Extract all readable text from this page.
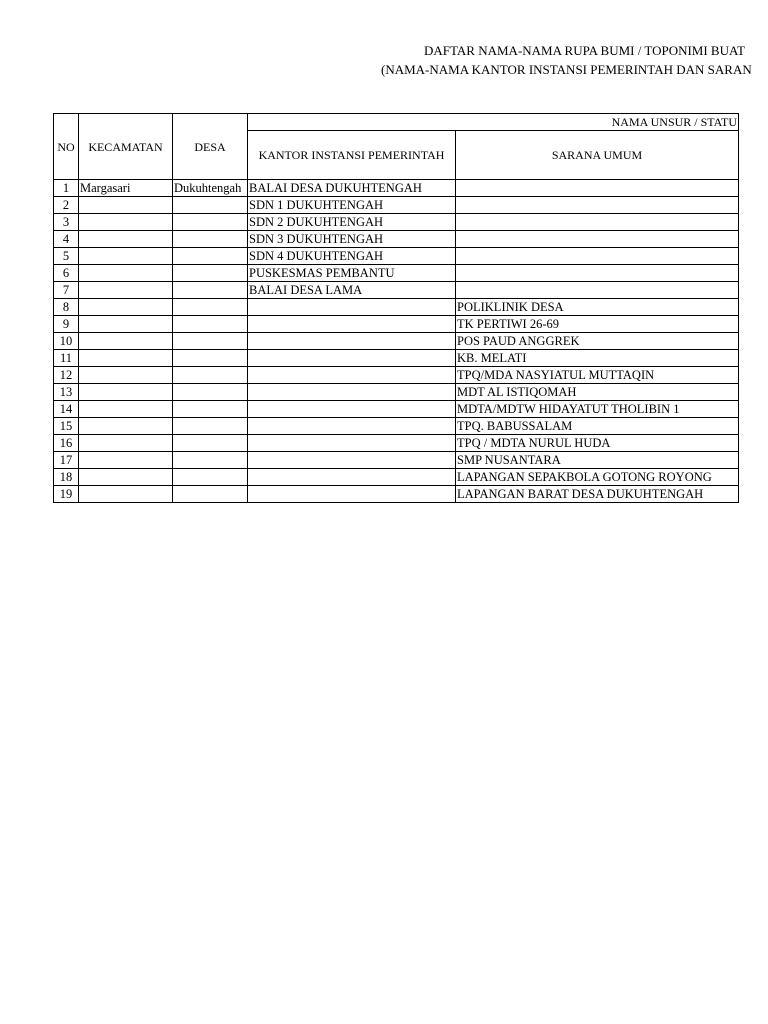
DAFTAR NAMA-NAMA RUPA BUMI / TOPONIMI BUAT
(NAMA-NAMA KANTOR INSTANSI PEMERINTAH DAN SARAN
NO	KECAMATAN	DESA	NAMA UNSUR / STATU	
			KANTOR INSTANSI PEMERINTAH	SARANA UMUM
1	Margasari	Dukuhtengah	BALAI DESA DUKUHTENGAH	
2			SDN 1 DUKUHTENGAH	
3			SDN 2 DUKUHTENGAH	
4			SDN 3 DUKUHTENGAH	
5			SDN 4 DUKUHTENGAH	
6			PUSKESMAS PEMBANTU	
7			BALAI DESA LAMA	
8				POLIKLINIK DESA
9				TK PERTIWI 26-69
10				POS PAUD ANGGREK
11				KB. MELATI
12				TPQ/MDA NASYIATUL MUTTAQIN
13				MDT AL ISTIQOMAH
14				MDTA/MDTW HIDAYATUT THOLIBIN 1
15				TPQ. BABUSSALAM
16				TPQ / MDTA NURUL HUDA
17				SMP NUSANTARA
18				LAPANGAN SEPAKBOLA GOTONG ROYONG
19				LAPANGAN BARAT DESA DUKUHTENGAH
